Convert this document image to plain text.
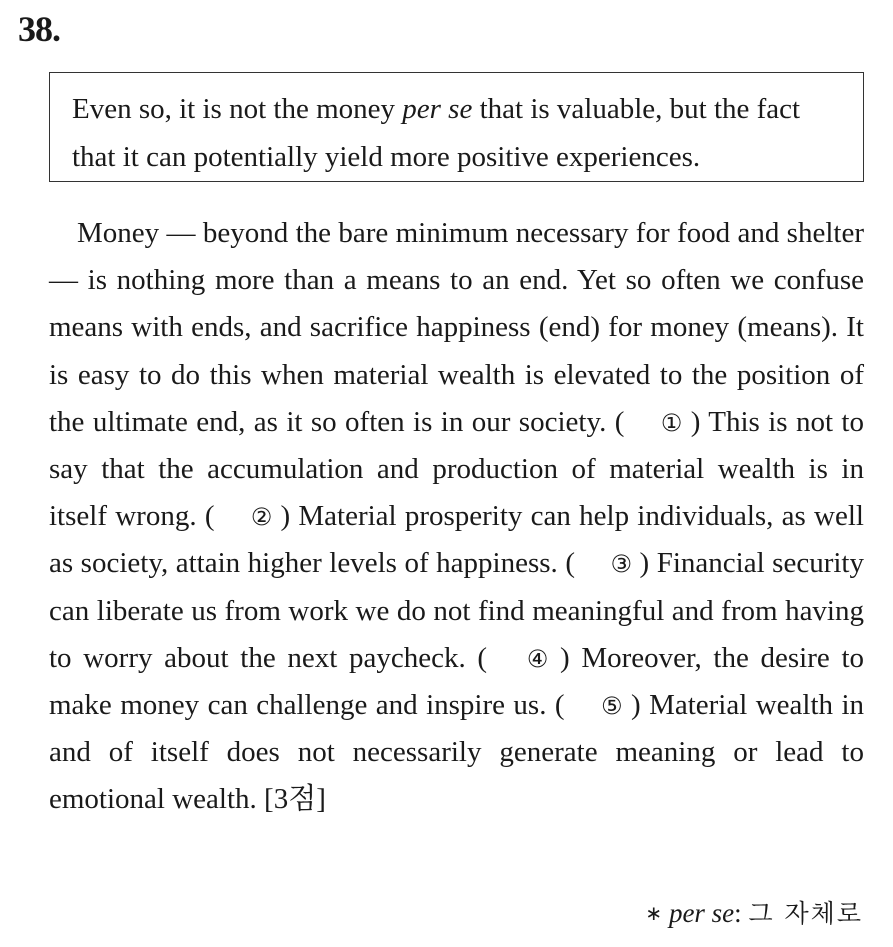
38.
Even so, it is not the money per se that is valuable, but the fact that it can potentially yield more positive experiences.

Money — beyond the bare minimum necessary for food and shelter — is nothing more than a means to an end. Yet so often we confuse means with ends, and sacrifice happiness (end) for money (means). It is easy to do this when material wealth is elevated to the position of the ultimate end, as it so often is in our society. ( ① ) This is not to say that the accumulation and production of material wealth is in itself wrong. ( ② ) Material prosperity can help individuals, as well as society, attain higher levels of happiness. ( ③ ) Financial security can liberate us from work we do not find meaningful and from having to worry about the next paycheck. ( ④ ) Moreover, the desire to make money can challenge and inspire us. ( ⑤ ) Material wealth in and of itself does not necessarily generate meaning or lead to emotional wealth. [3점]

∗ per se: 그 자체로
